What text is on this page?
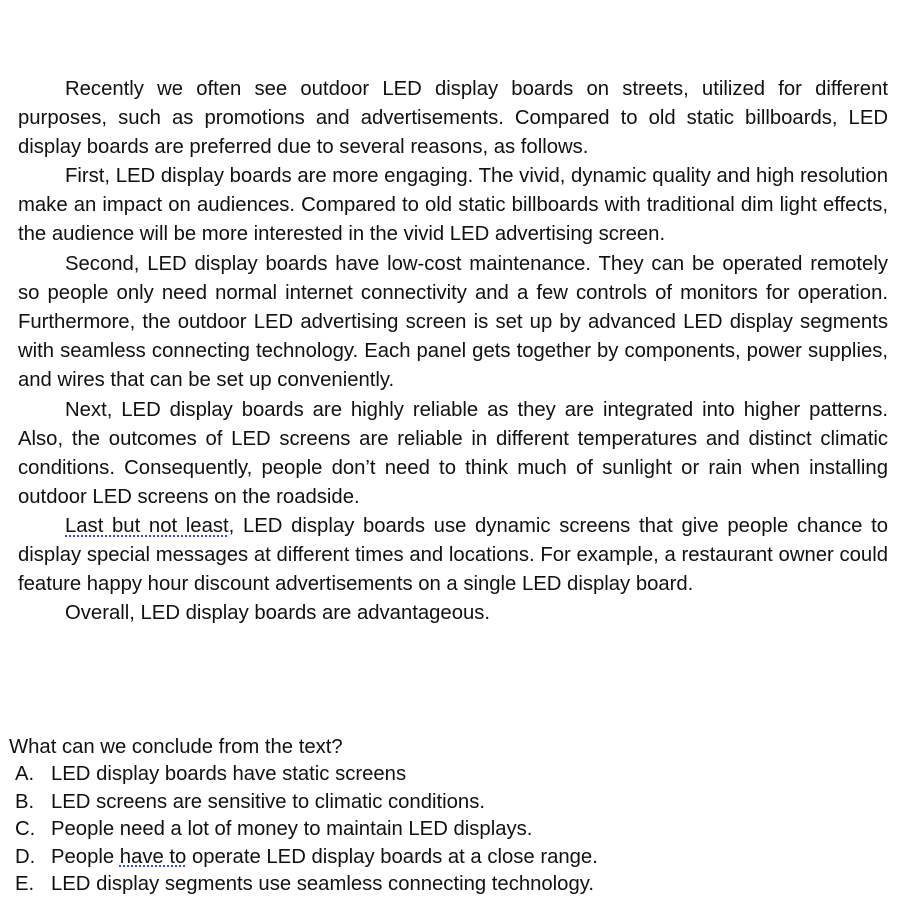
Recently we often see outdoor LED display boards on streets, utilized for different purposes, such as promotions and advertisements. Compared to old static billboards, LED display boards are preferred due to several reasons, as follows.

First, LED display boards are more engaging. The vivid, dynamic quality and high resolution make an impact on audiences. Compared to old static billboards with traditional dim light effects, the audience will be more interested in the vivid LED advertising screen.

Second, LED display boards have low-cost maintenance. They can be operated remotely so people only need normal internet connectivity and a few controls of monitors for operation. Furthermore, the outdoor LED advertising screen is set up by advanced LED display segments with seamless connecting technology. Each panel gets together by components, power supplies, and wires that can be set up conveniently.

Next, LED display boards are highly reliable as they are integrated into higher patterns. Also, the outcomes of LED screens are reliable in different temperatures and distinct climatic conditions. Consequently, people don’t need to think much of sunlight or rain when installing outdoor LED screens on the roadside.

Last but not least, LED display boards use dynamic screens that give people chance to display special messages at different times and locations. For example, a restaurant owner could feature happy hour discount advertisements on a single LED display board.

Overall, LED display boards are advantageous.

What can we conclude from the text?

A. LED display boards have static screens
B. LED screens are sensitive to climatic conditions.
C. People need a lot of money to maintain LED displays.
D. People have to operate LED display boards at a close range.
E. LED display segments use seamless connecting technology.
